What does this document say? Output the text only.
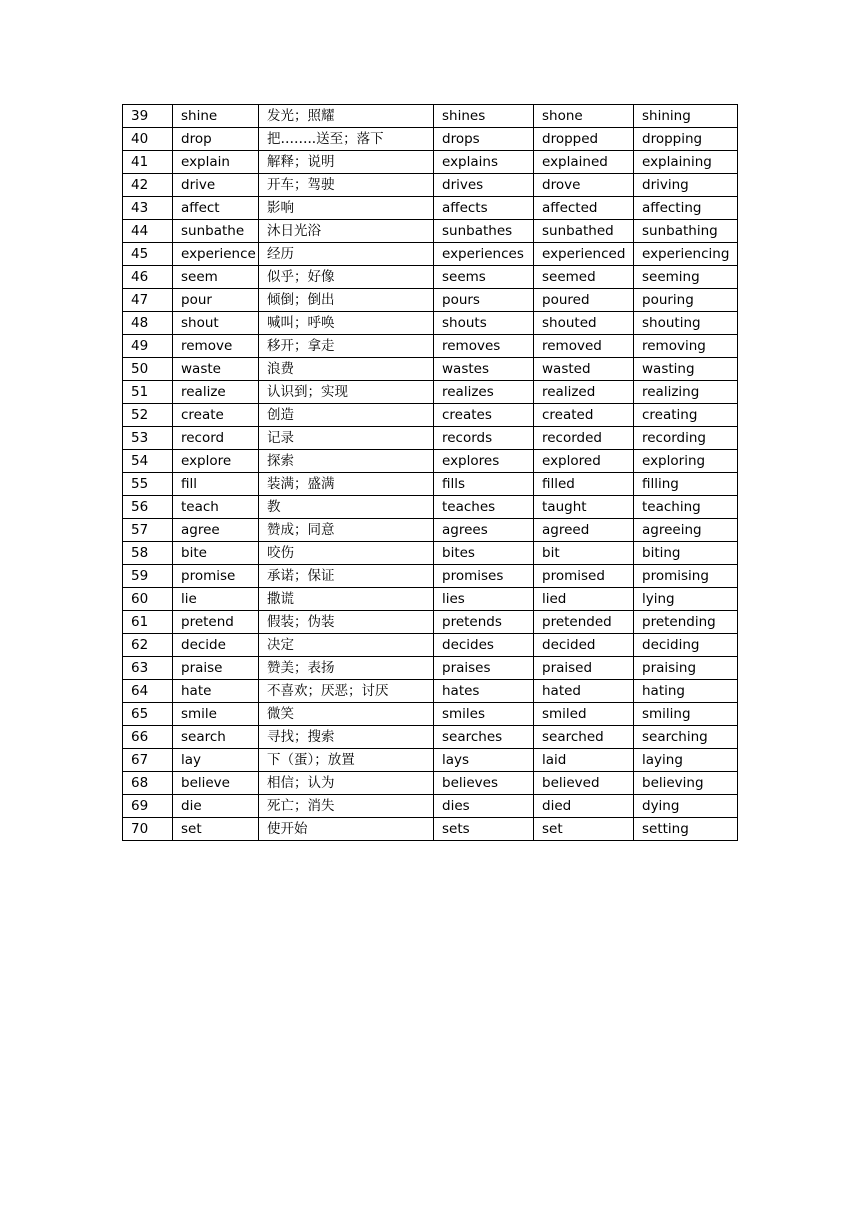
39	shine	发光；照耀	shines	shone	shining
40	drop	把……..送至；落下	drops	dropped	dropping
41	explain	解释；说明	explains	explained	explaining
42	drive	开车；驾驶	drives	drove	driving
43	affect	影响	affects	affected	affecting
44	sunbathe	沐日光浴	sunbathes	sunbathed	sunbathing
45	experience	经历	experiences	experienced	experiencing
46	seem	似乎；好像	seems	seemed	seeming
47	pour	倾倒；倒出	pours	poured	pouring
48	shout	喊叫；呼唤	shouts	shouted	shouting
49	remove	移开；拿走	removes	removed	removing
50	waste	浪费	wastes	wasted	wasting
51	realize	认识到；实现	realizes	realized	realizing
52	create	创造	creates	created	creating
53	record	记录	records	recorded	recording
54	explore	探索	explores	explored	exploring
55	fill	装满；盛满	fills	filled	filling
56	teach	教	teaches	taught	teaching
57	agree	赞成；同意	agrees	agreed	agreeing
58	bite	咬伤	bites	bit	biting
59	promise	承诺；保证	promises	promised	promising
60	lie	撒谎	lies	lied	lying
61	pretend	假装；伪装	pretends	pretended	pretending
62	decide	决定	decides	decided	deciding
63	praise	赞美；表扬	praises	praised	praising
64	hate	不喜欢；厌恶；讨厌	hates	hated	hating
65	smile	微笑	smiles	smiled	smiling
66	search	寻找；搜索	searches	searched	searching
67	lay	下（蛋）；放置	lays	laid	laying
68	believe	相信；认为	believes	believed	believing
69	die	死亡；消失	dies	died	dying
70	set	使开始	sets	set	setting
